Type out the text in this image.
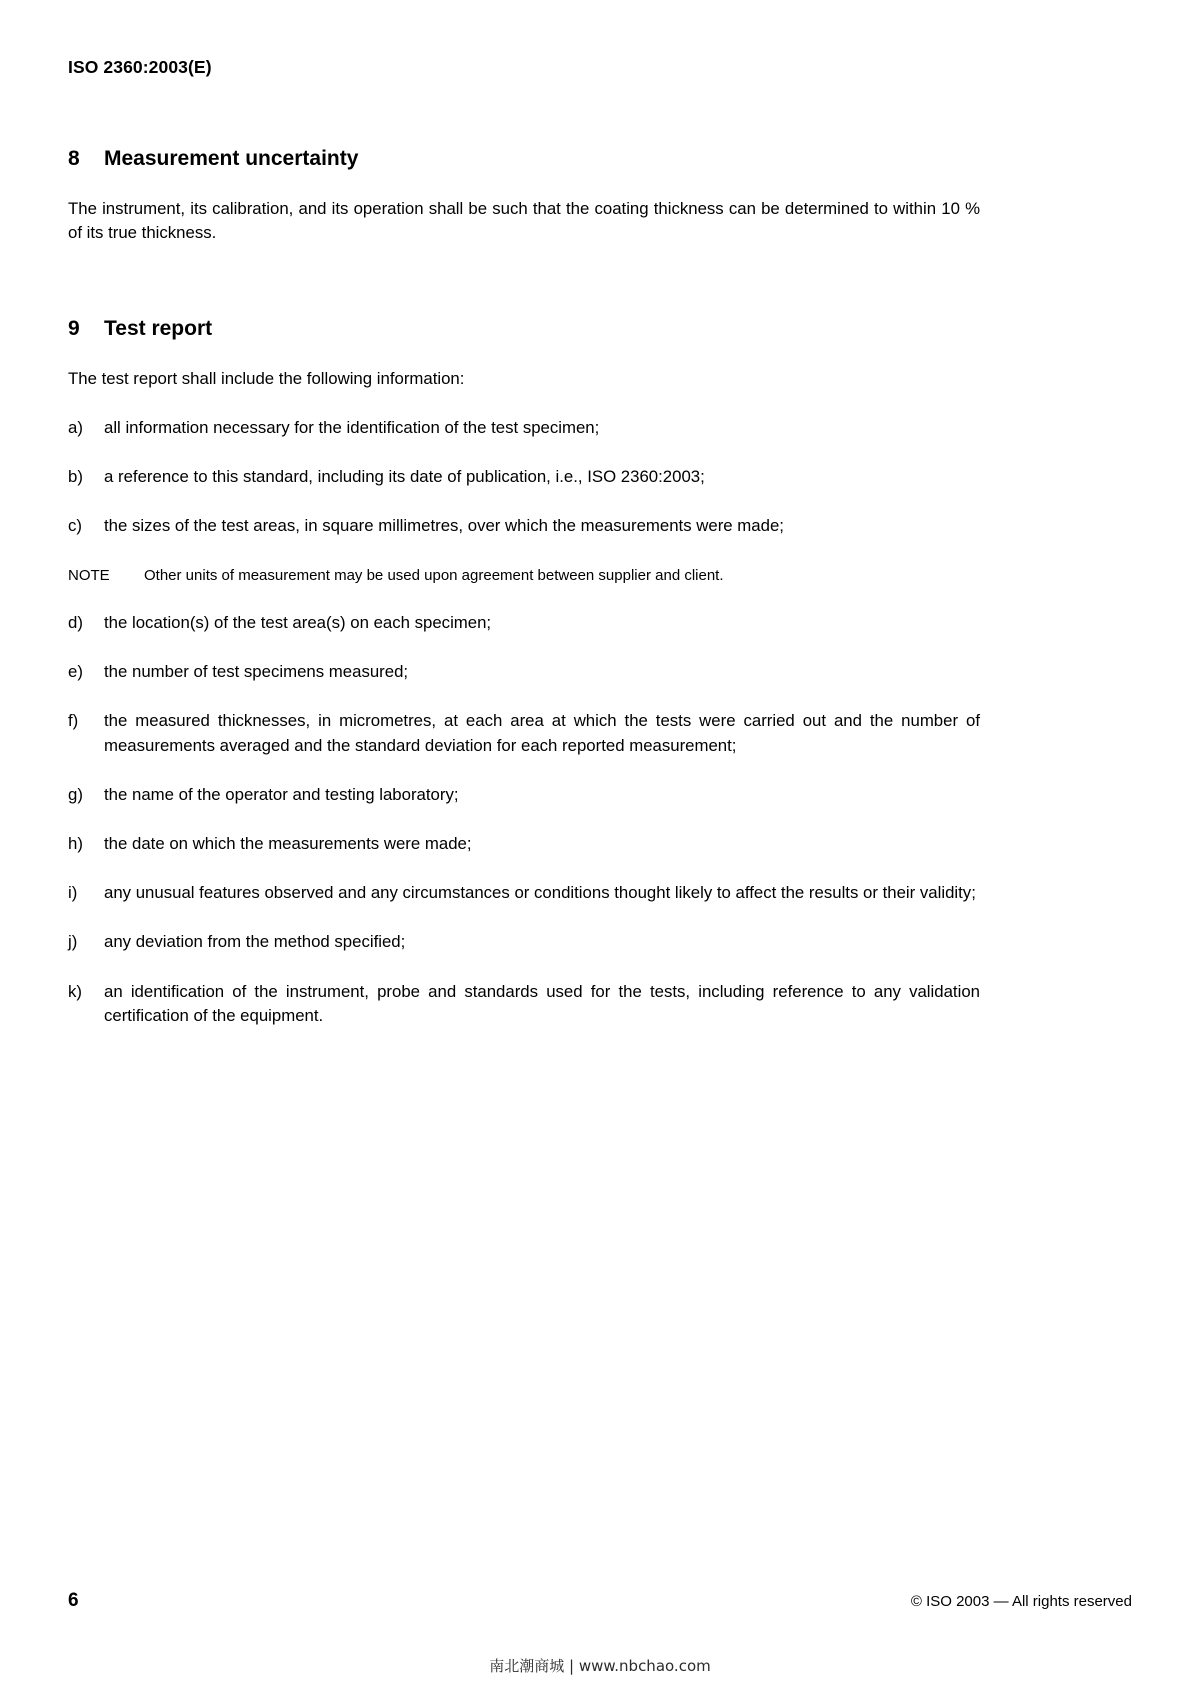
ISO 2360:2003(E)
8	Measurement uncertainty
The instrument, its calibration, and its operation shall be such that the coating thickness can be determined to within 10 % of its true thickness.
9	Test report
The test report shall include the following information:
a)	all information necessary for the identification of the test specimen;
b)	a reference to this standard, including its date of publication, i.e., ISO 2360:2003;
c)	the sizes of the test areas, in square millimetres, over which the measurements were made;
NOTE	Other units of measurement may be used upon agreement between supplier and client.
d)	the location(s) of the test area(s) on each specimen;
e)	the number of test specimens measured;
f)	the measured thicknesses, in micrometres, at each area at which the tests were carried out and the number of measurements averaged and the standard deviation for each reported measurement;
g)	the name of the operator and testing laboratory;
h)	the date on which the measurements were made;
i)	any unusual features observed and any circumstances or conditions thought likely to affect the results or their validity;
j)	any deviation from the method specified;
k)	an identification of the instrument, probe and standards used for the tests, including reference to any validation certification of the equipment.
6	© ISO 2003 — All rights reserved
南北潮商城 | www.nbchao.com
